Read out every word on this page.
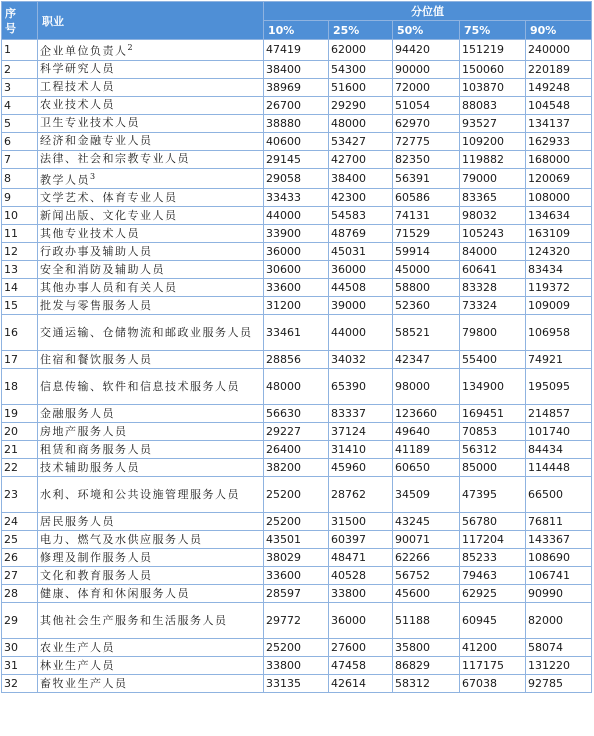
序号	职业	分位值				
		10%	25%	50%	75%	90%
1	企业单位负责人$^2$	47419	62000	94420	151219	240000
2	科学研究人员	38400	54300	90000	150060	220189
3	工程技术人员	38969	51600	72000	103870	149248
4	农业技术人员	26700	29290	51054	88083	104548
5	卫生专业技术人员	38880	48000	62970	93527	134137
6	经济和金融专业人员	40600	53427	72775	109200	162933
7	法律、社会和宗教专业人员	29145	42700	82350	119882	168000
8	教学人员$^3$	29058	38400	56391	79000	120069
9	文学艺术、体育专业人员	33433	42300	60586	83365	108000
10	新闻出版、文化专业人员	44000	54583	74131	98032	134634
11	其他专业技术人员	33900	48769	71529	105243	163109
12	行政办事及辅助人员	36000	45031	59914	84000	124320
13	安全和消防及辅助人员	30600	36000	45000	60641	83434
14	其他办事人员和有关人员	33600	44508	58800	83328	119372
15	批发与零售服务人员	31200	39000	52360	73324	109009
16	交通运输、仓储物流和邮政业服务人员	33461	44000	58521	79800	106958
17	住宿和餐饮服务人员	28856	34032	42347	55400	74921
18	信息传输、软件和信息技术服务人员	48000	65390	98000	134900	195095
19	金融服务人员	56630	83337	123660	169451	214857
20	房地产服务人员	29227	37124	49640	70853	101740
21	租赁和商务服务人员	26400	31410	41189	56312	84434
22	技术辅助服务人员	38200	45960	60650	85000	114448
23	水利、环境和公共设施管理服务人员	25200	28762	34509	47395	66500
24	居民服务人员	25200	31500	43245	56780	76811
25	电力、燃气及水供应服务人员	43501	60397	90071	117204	143367
26	修理及制作服务人员	38029	48471	62266	85233	108690
27	文化和教育服务人员	33600	40528	56752	79463	106741
28	健康、体育和休闲服务人员	28597	33800	45600	62925	90990
29	其他社会生产服务和生活服务人员	29772	36000	51188	60945	82000
30	农业生产人员	25200	27600	35800	41200	58074
31	林业生产人员	33800	47458	86829	117175	131220
32	畜牧业生产人员	33135	42614	58312	67038	92785
